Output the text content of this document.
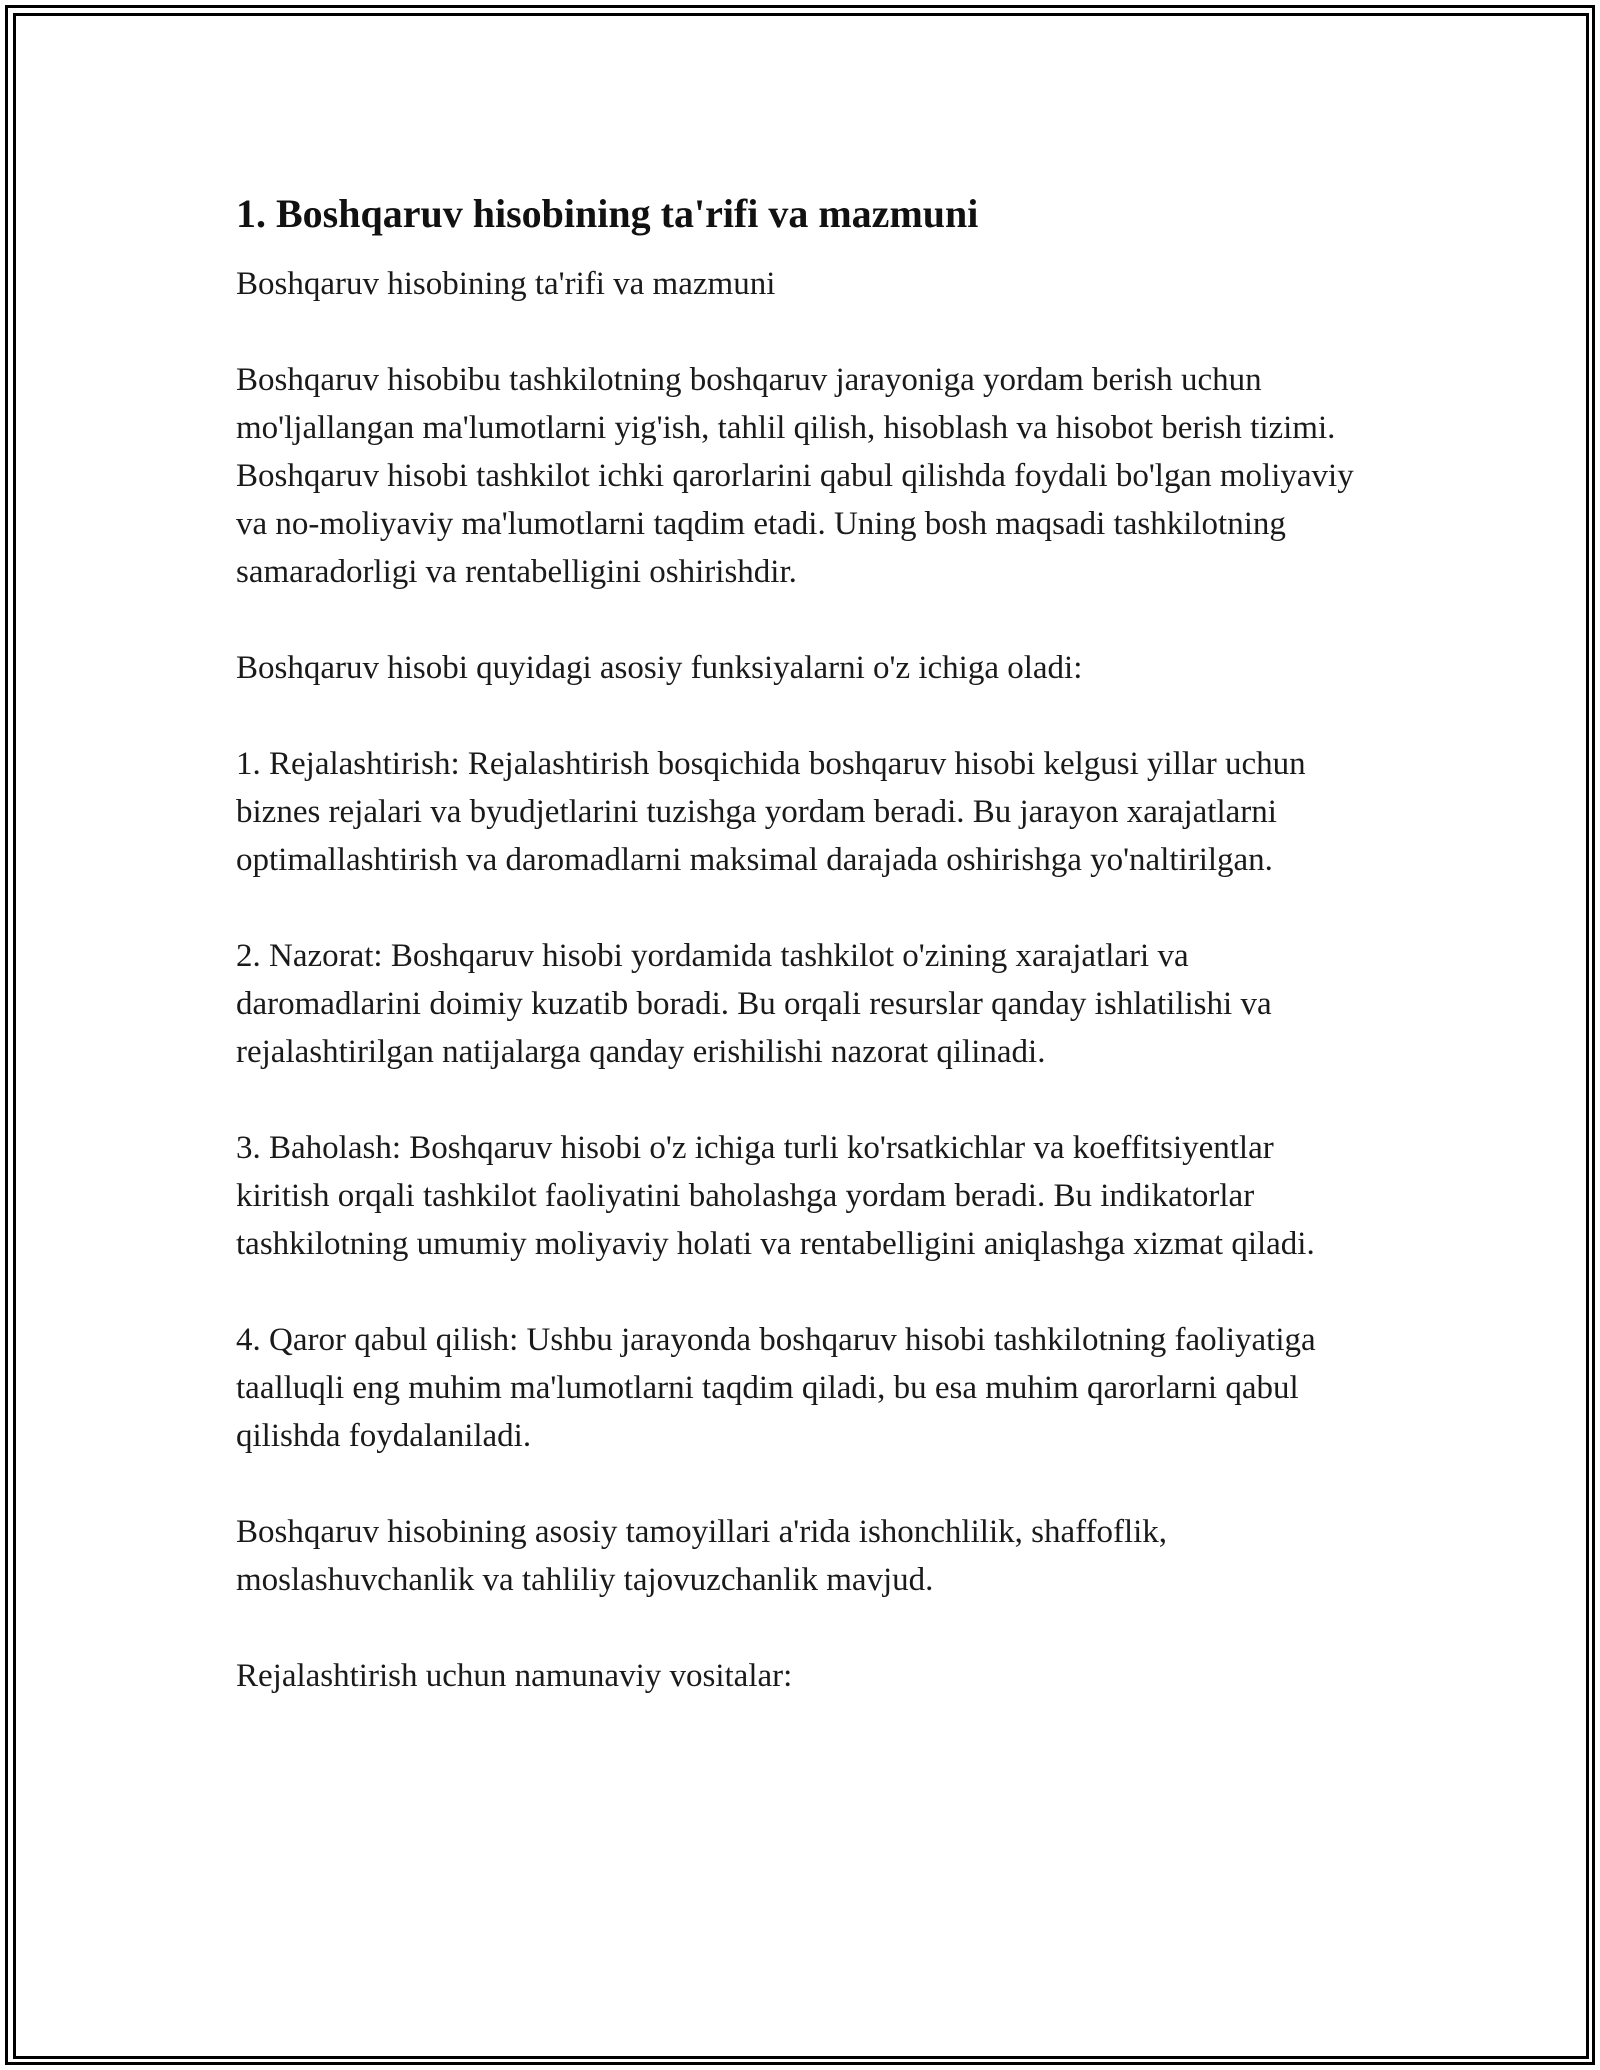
1. Boshqaruv hisobining ta'rifi va mazmuni

Boshqaruv hisobining ta'rifi va mazmuni

Boshqaruv hisobibu tashkilotning boshqaruv jarayoniga yordam berish uchun mo'ljallangan ma'lumotlarni yig'ish, tahlil qilish, hisoblash va hisobot berish tizimi. Boshqaruv hisobi tashkilot ichki qarorlarini qabul qilishda foydali bo'lgan moliyaviy va no-moliyaviy ma'lumotlarni taqdim etadi. Uning bosh maqsadi tashkilotning samaradorligi va rentabelligini oshirishdir.

Boshqaruv hisobi quyidagi asosiy funksiyalarni o'z ichiga oladi:

1. Rejalashtirish: Rejalashtirish bosqichida boshqaruv hisobi kelgusi yillar uchun biznes rejalari va byudjetlarini tuzishga yordam beradi. Bu jarayon xarajatlarni optimallashtirish va daromadlarni maksimal darajada oshirishga yo'naltirilgan.

2. Nazorat: Boshqaruv hisobi yordamida tashkilot o'zining xarajatlari va daromadlarini doimiy kuzatib boradi. Bu orqali resurslar qanday ishlatilishi va rejalashtirilgan natijalarga qanday erishilishi nazorat qilinadi.

3. Baholash: Boshqaruv hisobi o'z ichiga turli ko'rsatkichlar va koeffitsiyentlar kiritish orqali tashkilot faoliyatini baholashga yordam beradi. Bu indikatorlar tashkilotning umumiy moliyaviy holati va rentabelligini aniqlashga xizmat qiladi.

4. Qaror qabul qilish: Ushbu jarayonda boshqaruv hisobi tashkilotning faoliyatiga taalluqli eng muhim ma'lumotlarni taqdim qiladi, bu esa muhim qarorlarni qabul qilishda foydalaniladi.

Boshqaruv hisobining asosiy tamoyillari a'rida ishonchlilik, shaffoflik, moslashuvchanlik va tahliliy tajovuzchanlik mavjud.

Rejalashtirish uchun namunaviy vositalar:
